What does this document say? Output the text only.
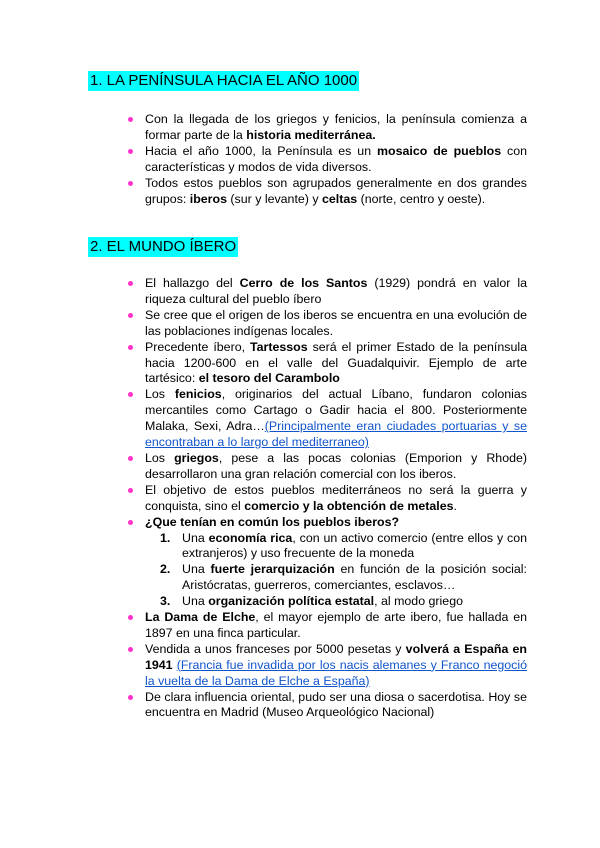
1. LA PENÍNSULA HACIA EL AÑO 1000
Con la llegada de los griegos y fenicios, la península comienza a formar parte de la historia mediterránea.
Hacia el año 1000, la Península es un mosaico de pueblos con características y modos de vida diversos.
Todos estos pueblos son agrupados generalmente en dos grandes grupos: iberos (sur y levante) y celtas (norte, centro y oeste).
2. EL MUNDO ÍBERO
El hallazgo del Cerro de los Santos (1929) pondrá en valor la riqueza cultural del pueblo íbero
Se cree que el origen de los iberos se encuentra en una evolución de las poblaciones indígenas locales.
Precedente íbero, Tartessos será el primer Estado de la península hacia 1200-600 en el valle del Guadalquivir. Ejemplo de arte tartésico: el tesoro del Carambolo
Los fenicios, originarios del actual Líbano, fundaron colonias mercantiles como Cartago o Gadir hacia el 800. Posteriormente Malaka, Sexi, Adra…(Principalmente eran ciudades portuarias y se encontraban a lo largo del mediterraneo)
Los griegos, pese a las pocas colonias (Emporion y Rhode) desarrollaron una gran relación comercial con los iberos.
El objetivo de estos pueblos mediterráneos no será la guerra y conquista, sino el comercio y la obtención de metales.
¿Que tenían en común los pueblos iberos?
1. Una economía rica, con un activo comercio (entre ellos y con extranjeros) y uso frecuente de la moneda
2. Una fuerte jerarquización en función de la posición social: Aristócratas, guerreros, comerciantes, esclavos…
3. Una organización política estatal, al modo griego
La Dama de Elche, el mayor ejemplo de arte ibero, fue hallada en 1897 en una finca particular.
Vendida a unos franceses por 5000 pesetas y volverá a España en 1941 (Francia fue invadida por los nacis alemanes y Franco negoció la vuelta de la Dama de Elche a España)
De clara influencia oriental, pudo ser una diosa o sacerdotisa. Hoy se encuentra en Madrid (Museo Arqueológico Nacional)
